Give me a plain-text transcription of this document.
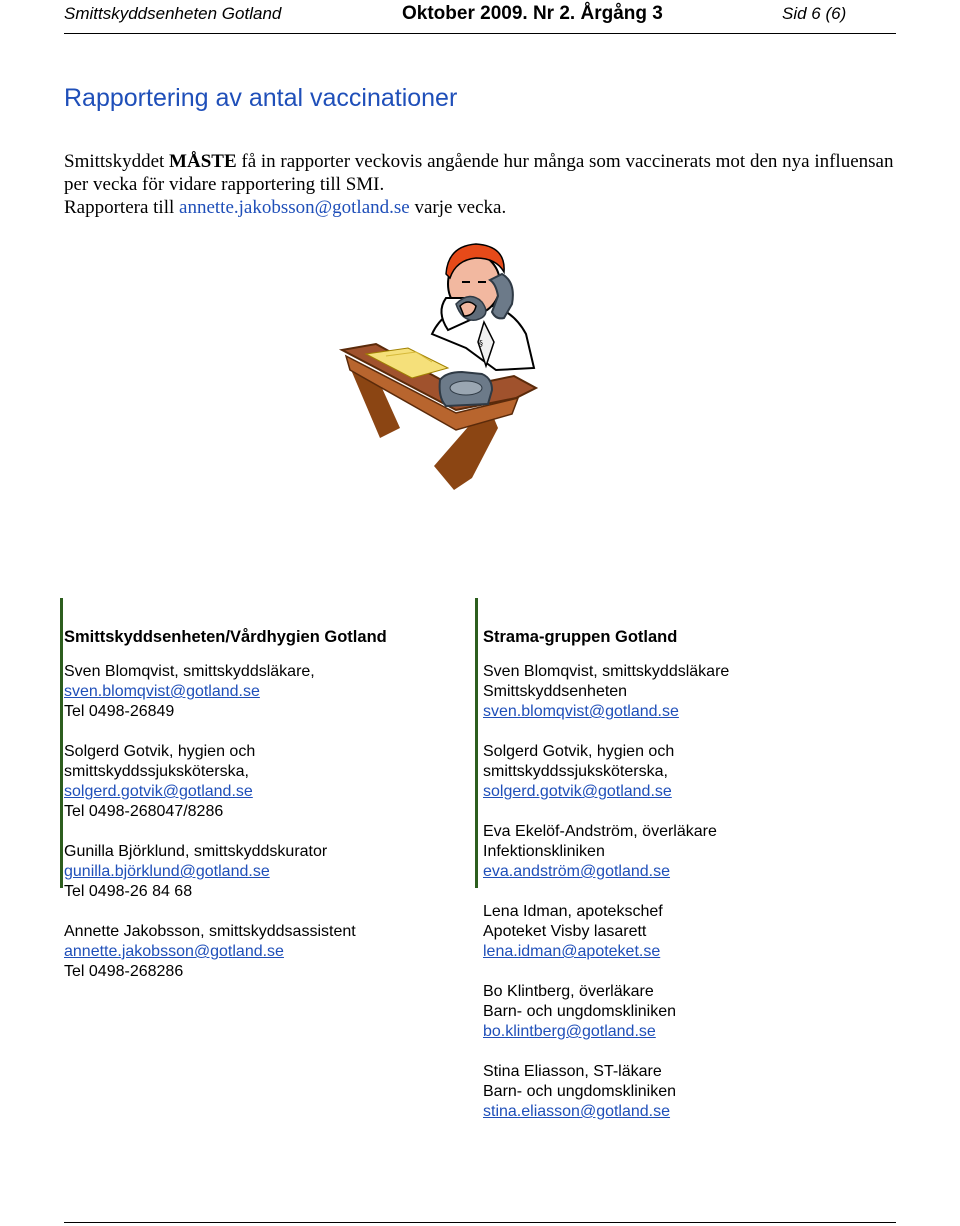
Smittskyddsenheten Gotland	Oktober 2009. Nr 2. Årgång 3	Sid 6 (6)
Rapportering av antal vaccinationer

Smittskyddet MÅSTE få in rapporter veckovis angående hur många som vaccinerats mot den nya influensan per vecka för vidare rapportering till SMI.

Rapportera till annette.jakobsson@gotland.se varje vecka.

§
Smittskyddsenheten/Vårdhygien Gotland
Sven Blomqvist, smittskyddsläkare,
sven.blomqvist@gotland.se
Tel 0498-26849
Solgerd Gotvik, hygien och
smittskyddssjuksköterska,
solgerd.gotvik@gotland.se
Tel 0498-268047/8286
Gunilla Björklund, smittskyddskurator
gunilla.björklund@gotland.se
Tel 0498-26 84 68
Annette Jakobsson, smittskyddsassistent
annette.jakobsson@gotland.se
Tel 0498-268286
Strama-gruppen Gotland
Sven Blomqvist, smittskyddsläkare
Smittskyddsenheten
sven.blomqvist@gotland.se
Solgerd Gotvik, hygien och
smittskyddssjuksköterska,
solgerd.gotvik@gotland.se
Eva Ekelöf-Andström, överläkare
Infektionskliniken
eva.andström@gotland.se
Lena Idman, apotekschef
Apoteket Visby lasarett
lena.idman@apoteket.se
Bo Klintberg, överläkare
Barn- och ungdomskliniken
bo.klintberg@gotland.se
Stina Eliasson, ST-läkare
Barn- och ungdomskliniken
stina.eliasson@gotland.se
